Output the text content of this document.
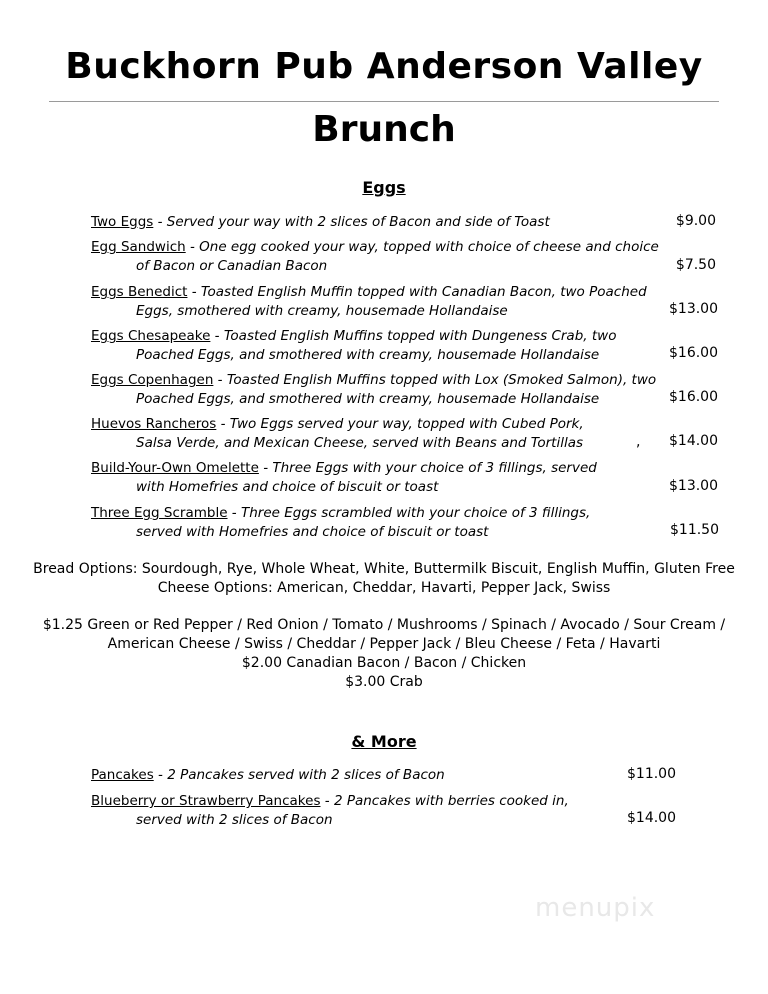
Buckhorn Pub Anderson Valley
Brunch
Eggs
Two Eggs - Served your way with 2 slices of Bacon and side of Toast	$9.00
Egg Sandwich - One egg cooked your way, topped with choice of cheese and choice
of Bacon or Canadian Bacon	$7.50
Eggs Benedict - Toasted English Muffin topped with Canadian Bacon, two Poached
Eggs, smothered with creamy, housemade Hollandaise	$13.00
Eggs Chesapeake - Toasted English Muffins topped with Dungeness Crab, two
Poached Eggs, and smothered with creamy, housemade Hollandaise	$16.00
Eggs Copenhagen - Toasted English Muffins topped with Lox (Smoked Salmon), two
Poached Eggs, and smothered with creamy, housemade Hollandaise	$16.00
Huevos Rancheros - Two Eggs served your way, topped with Cubed Pork,
Salsa Verde, and Mexican Cheese, served with Beans and Tortillas	,	$14.00
Build-Your-Own Omelette - Three Eggs with your choice of 3 fillings, served
with Homefries and choice of biscuit or toast	$13.00
Three Egg Scramble - Three Eggs scrambled with your choice of 3 fillings,
served with Homefries and choice of biscuit or toast	$11.50
Bread Options: Sourdough, Rye, Whole Wheat, White, Buttermilk Biscuit, English Muffin, Gluten Free
Cheese Options: American, Cheddar, Havarti, Pepper Jack, Swiss
$1.25 Green or Red Pepper / Red Onion / Tomato / Mushrooms / Spinach / Avocado / Sour Cream /
American Cheese / Swiss / Cheddar / Pepper Jack / Bleu Cheese / Feta / Havarti
$2.00 Canadian Bacon / Bacon / Chicken
$3.00 Crab
& More
Pancakes - 2 Pancakes served with 2 slices of Bacon	$11.00
Blueberry or Strawberry Pancakes - 2 Pancakes with berries cooked in,
served with 2 slices of Bacon	$14.00
menupix
